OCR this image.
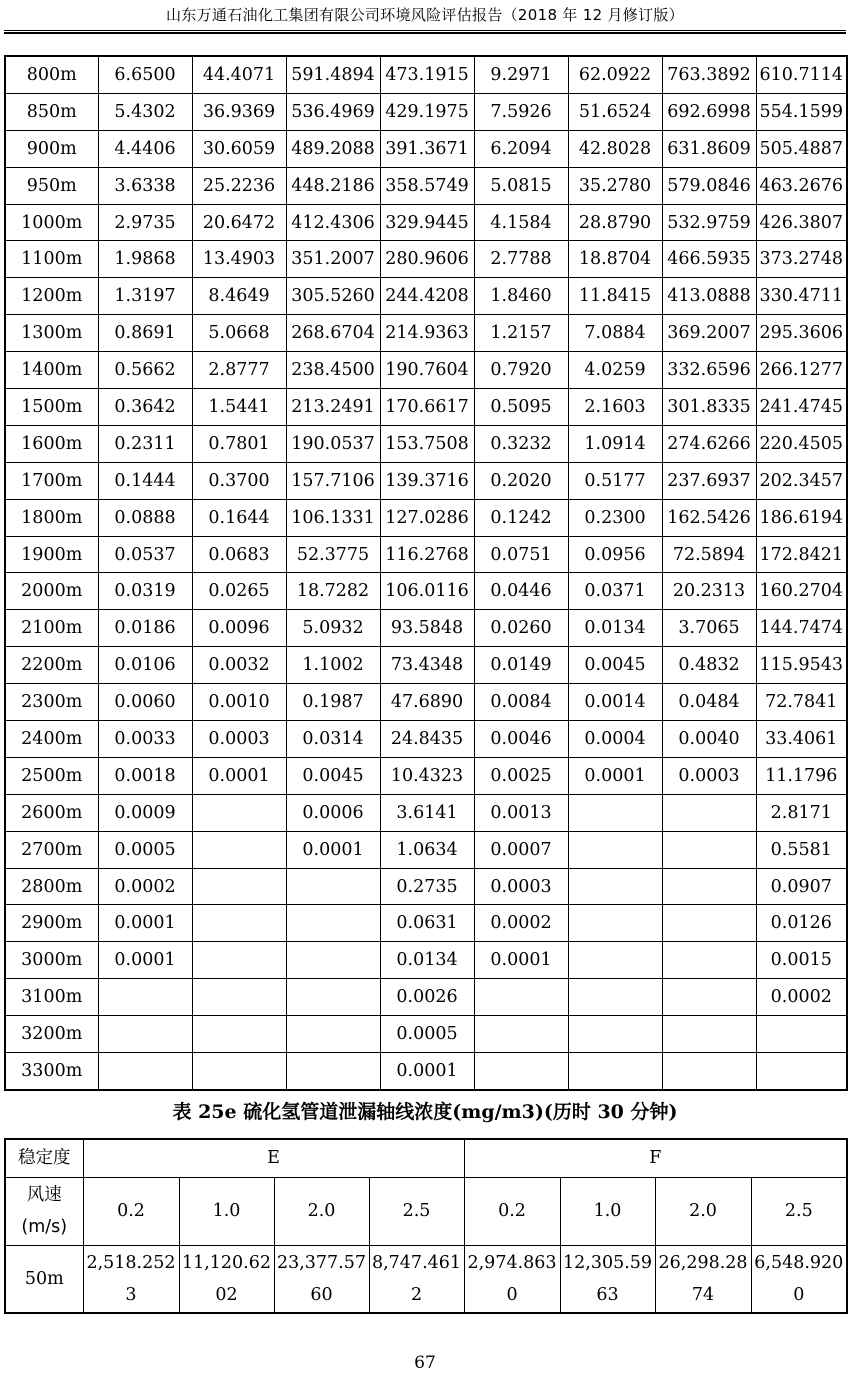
山东万通石油化工集团有限公司环境风险评估报告（2018 年 12 月修订版）
800m	6.6500	44.4071	591.4894	473.1915	9.2971	62.0922	763.3892	610.7114
850m	5.4302	36.9369	536.4969	429.1975	7.5926	51.6524	692.6998	554.1599
900m	4.4406	30.6059	489.2088	391.3671	6.2094	42.8028	631.8609	505.4887
950m	3.6338	25.2236	448.2186	358.5749	5.0815	35.2780	579.0846	463.2676
1000m	2.9735	20.6472	412.4306	329.9445	4.1584	28.8790	532.9759	426.3807
1100m	1.9868	13.4903	351.2007	280.9606	2.7788	18.8704	466.5935	373.2748
1200m	1.3197	8.4649	305.5260	244.4208	1.8460	11.8415	413.0888	330.4711
1300m	0.8691	5.0668	268.6704	214.9363	1.2157	7.0884	369.2007	295.3606
1400m	0.5662	2.8777	238.4500	190.7604	0.7920	4.0259	332.6596	266.1277
1500m	0.3642	1.5441	213.2491	170.6617	0.5095	2.1603	301.8335	241.4745
1600m	0.2311	0.7801	190.0537	153.7508	0.3232	1.0914	274.6266	220.4505
1700m	0.1444	0.3700	157.7106	139.3716	0.2020	0.5177	237.6937	202.3457
1800m	0.0888	0.1644	106.1331	127.0286	0.1242	0.2300	162.5426	186.6194
1900m	0.0537	0.0683	52.3775	116.2768	0.0751	0.0956	72.5894	172.8421
2000m	0.0319	0.0265	18.7282	106.0116	0.0446	0.0371	20.2313	160.2704
2100m	0.0186	0.0096	5.0932	93.5848	0.0260	0.0134	3.7065	144.7474
2200m	0.0106	0.0032	1.1002	73.4348	0.0149	0.0045	0.4832	115.9543
2300m	0.0060	0.0010	0.1987	47.6890	0.0084	0.0014	0.0484	72.7841
2400m	0.0033	0.0003	0.0314	24.8435	0.0046	0.0004	0.0040	33.4061
2500m	0.0018	0.0001	0.0045	10.4323	0.0025	0.0001	0.0003	11.1796
2600m	0.0009		0.0006	3.6141	0.0013			2.8171
2700m	0.0005		0.0001	1.0634	0.0007			0.5581
2800m	0.0002			0.2735	0.0003			0.0907
2900m	0.0001			0.0631	0.0002			0.0126
3000m	0.0001			0.0134	0.0001			0.0015
3100m				0.0026				0.0002
3200m				0.0005				
3300m				0.0001				
表 25e 硫化氢管道泄漏轴线浓度(mg/m3)(历时 30 分钟)
稳定度	E				F			
风速(m/s)	0.2	1.0	2.0	2.5	0.2	1.0	2.0	2.5
50m	2,518.2523	11,120.6202	23,377.5760	8,747.4612	2,974.8630	12,305.5963	26,298.2874	6,548.9200
67
